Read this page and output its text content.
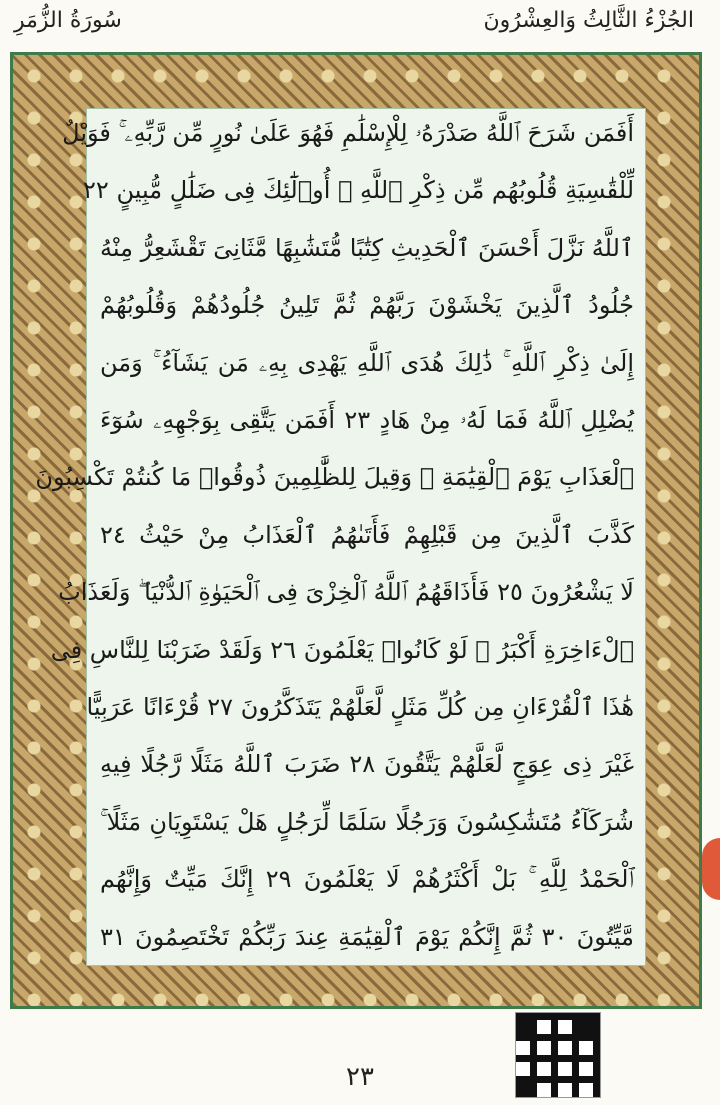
سُورَةُ الزُّمَرِ	الجُزْءُ الثَّالِثُ وَالعِشْرُونَ
أَفَمَن شَرَحَ ٱللَّهُ صَدْرَهُۥ لِلْإِسْلَٰمِ فَهُوَ عَلَىٰ نُورٍ مِّن رَّبِّهِۦ ۚ فَوَيْلٌ
لِّلْقَٰسِيَةِ قُلُوبُهُم مِّن ذِكْرِ ٱللَّهِ ۚ أُو۟لَٰٓئِكَ فِى ضَلَٰلٍ مُّبِينٍ ٢٢
ٱللَّهُ نَزَّلَ أَحْسَنَ ٱلْحَدِيثِ كِتَٰبًا مُّتَشَٰبِهًا مَّثَانِىَ تَقْشَعِرُّ مِنْهُ
جُلُودُ ٱلَّذِينَ يَخْشَوْنَ رَبَّهُمْ ثُمَّ تَلِينُ جُلُودُهُمْ وَقُلُوبُهُمْ
إِلَىٰ ذِكْرِ ٱللَّهِ ۚ ذَٰلِكَ هُدَى ٱللَّهِ يَهْدِى بِهِۦ مَن يَشَآءُ ۚ وَمَن
يُضْلِلِ ٱللَّهُ فَمَا لَهُۥ مِنْ هَادٍ ٢٣ أَفَمَن يَتَّقِى بِوَجْهِهِۦ سُوٓءَ
ٱلْعَذَابِ يَوْمَ ٱلْقِيَٰمَةِ ۚ وَقِيلَ لِلظَّٰلِمِينَ ذُوقُوا۟ مَا كُنتُمْ تَكْسِبُونَ
كَذَّبَ ٱلَّذِينَ مِن قَبْلِهِمْ فَأَتَىٰهُمُ ٱلْعَذَابُ مِنْ حَيْثُ ٢٤
لَا يَشْعُرُونَ ٢٥ فَأَذَاقَهُمُ ٱللَّهُ ٱلْخِزْىَ فِى ٱلْحَيَوٰةِ ٱلدُّنْيَا ۖ وَلَعَذَابُ
ٱلْءَاخِرَةِ أَكْبَرُ ۚ لَوْ كَانُوا۟ يَعْلَمُونَ ٢٦ وَلَقَدْ ضَرَبْنَا لِلنَّاسِ فِى
هَٰذَا ٱلْقُرْءَانِ مِن كُلِّ مَثَلٍ لَّعَلَّهُمْ يَتَذَكَّرُونَ ٢٧ قُرْءَانًا عَرَبِيًّا
غَيْرَ ذِى عِوَجٍ لَّعَلَّهُمْ يَتَّقُونَ ٢٨ ضَرَبَ ٱللَّهُ مَثَلًا رَّجُلًا فِيهِ
شُرَكَآءُ مُتَشَٰكِسُونَ وَرَجُلًا سَلَمًا لِّرَجُلٍ هَلْ يَسْتَوِيَانِ مَثَلًا ۚ
ٱلْحَمْدُ لِلَّهِ ۚ بَلْ أَكْثَرُهُمْ لَا يَعْلَمُونَ ٢٩ إِنَّكَ مَيِّتٌ وَإِنَّهُم
مَّيِّتُونَ ٣٠ ثُمَّ إِنَّكُمْ يَوْمَ ٱلْقِيَٰمَةِ عِندَ رَبِّكُمْ تَخْتَصِمُونَ ٣١
٢٣
